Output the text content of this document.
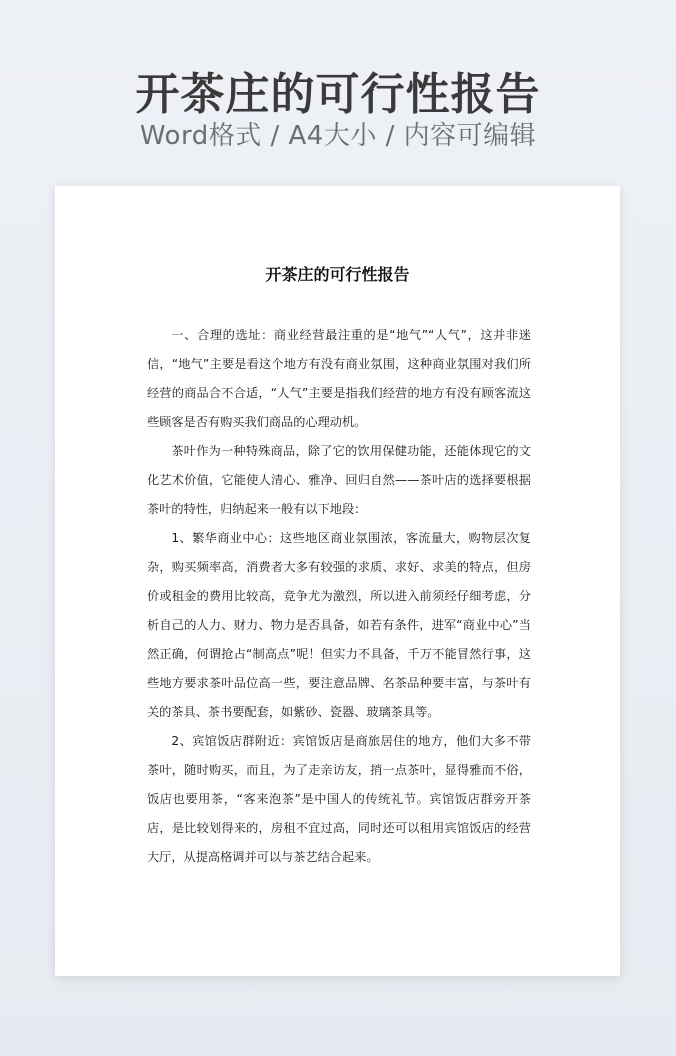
开茶庄的可行性报告
Word格式 / A4大小 / 内容可编辑
开茶庄的可行性报告

一、合理的选址：商业经营最注重的是“地气”“人气”，这并非迷信，“地气”主要是看这个地方有没有商业氛围，这种商业氛围对我们所经营的商品合不合适，“人气”主要是指我们经营的地方有没有顾客流这些顾客是否有购买我们商品的心理动机。

茶叶作为一种特殊商品，除了它的饮用保健功能，还能体现它的文化艺术价值，它能使人清心、雅净、回归自然——茶叶店的选择要根据茶叶的特性，归纳起来一般有以下地段：

1、繁华商业中心：这些地区商业氛围浓，客流量大，购物层次复杂，购买频率高，消费者大多有较强的求质、求好、求美的特点，但房价或租金的费用比较高，竞争尤为激烈，所以进入前须经仔细考虑，分析自己的人力、财力、物力是否具备，如若有条件，进军“商业中心”当然正确，何谓抢占“制高点”呢！但实力不具备，千万不能冒然行事，这些地方要求茶叶品位高一些，要注意品牌、名茶品种要丰富，与茶叶有关的茶具、茶书要配套，如紫砂、瓷器、玻璃茶具等。

2、宾馆饭店群附近：宾馆饭店是商旅居住的地方，他们大多不带茶叶，随时购买，而且，为了走亲访友，捎一点茶叶，显得雅而不俗，饭店也要用茶，“客来泡茶”是中国人的传统礼节。宾馆饭店群旁开茶店，是比较划得来的，房租不宜过高，同时还可以租用宾馆饭店的经营大厅，从提高格调并可以与茶艺结合起来。
